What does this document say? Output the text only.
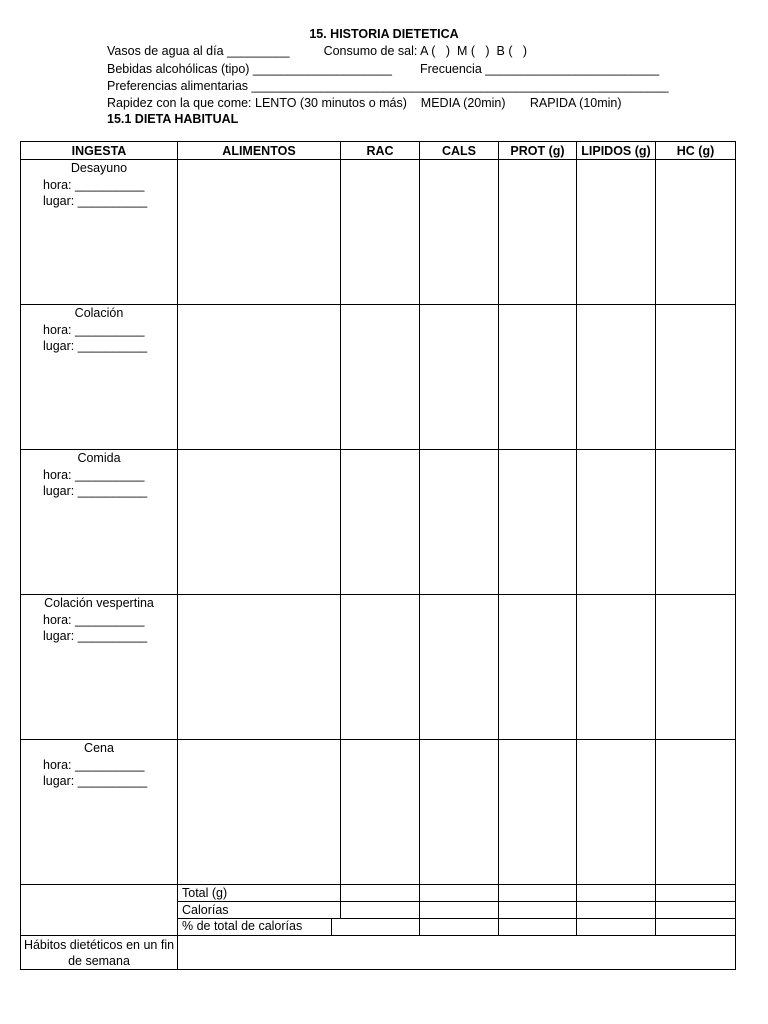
15. HISTORIA DIETETICA
Vasos de agua al día _________	Consumo de sal: A (   )  M (   )  B (   )
Bebidas alcohólicas (tipo) ____________________ Frecuencia _________________________
Preferencias alimentarias ____________________________________________________________
Rapidez con la que come: LENTO (30 minutos o más)    MEDIA (20min)       RAPIDA (10min)
15.1 DIETA HABITUAL
INGESTA	ALIMENTOS	RAC	CALS	PROT (g)	LIPIDOS (g)	HC (g)

Desayuno
hora: __________
lugar: __________						

Colación
hora: __________
lugar: __________						

Comida
hora: __________
lugar: __________						

Colación vespertina
hora: __________
lugar: __________						

Cena
hora: __________
lugar: __________						

	Total (g)					
	Calorías					

	% de total de calorías					

Hábitos dietéticos en un fin de semana						
